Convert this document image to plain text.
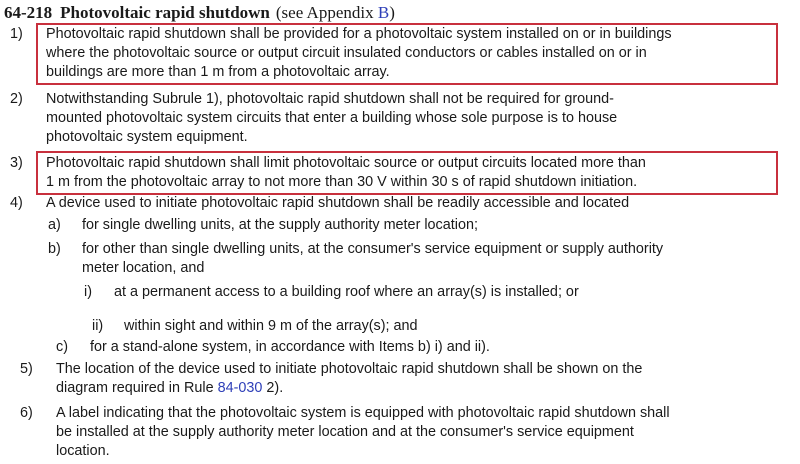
64-218 Photovoltaic rapid shutdown (see Appendix B)
1) Photovoltaic rapid shutdown shall be provided for a photovoltaic system installed on or in buildings
where the photovoltaic source or output circuit insulated conductors or cables installed on or in
buildings are more than 1 m from a photovoltaic array.
2) Notwithstanding Subrule 1), photovoltaic rapid shutdown shall not be required for ground-
mounted photovoltaic system circuits that enter a building whose sole purpose is to house
photovoltaic system equipment.
3) Photovoltaic rapid shutdown shall limit photovoltaic source or output circuits located more than
1 m from the photovoltaic array to not more than 30 V within 30 s of rapid shutdown initiation.
4) A device used to initiate photovoltaic rapid shutdown shall be readily accessible and located
a) for single dwelling units, at the supply authority meter location;
b) for other than single dwelling units, at the consumer's service equipment or supply authority
meter location, and
i) at a permanent access to a building roof where an array(s) is installed; or
ii) within sight and within 9 m of the array(s); and
c) for a stand-alone system, in accordance with Items b) i) and ii).
5) The location of the device used to initiate photovoltaic rapid shutdown shall be shown on the
diagram required in Rule 84-030 2).
6) A label indicating that the photovoltaic system is equipped with photovoltaic rapid shutdown shall
be installed at the supply authority meter location and at the consumer's service equipment
location.
